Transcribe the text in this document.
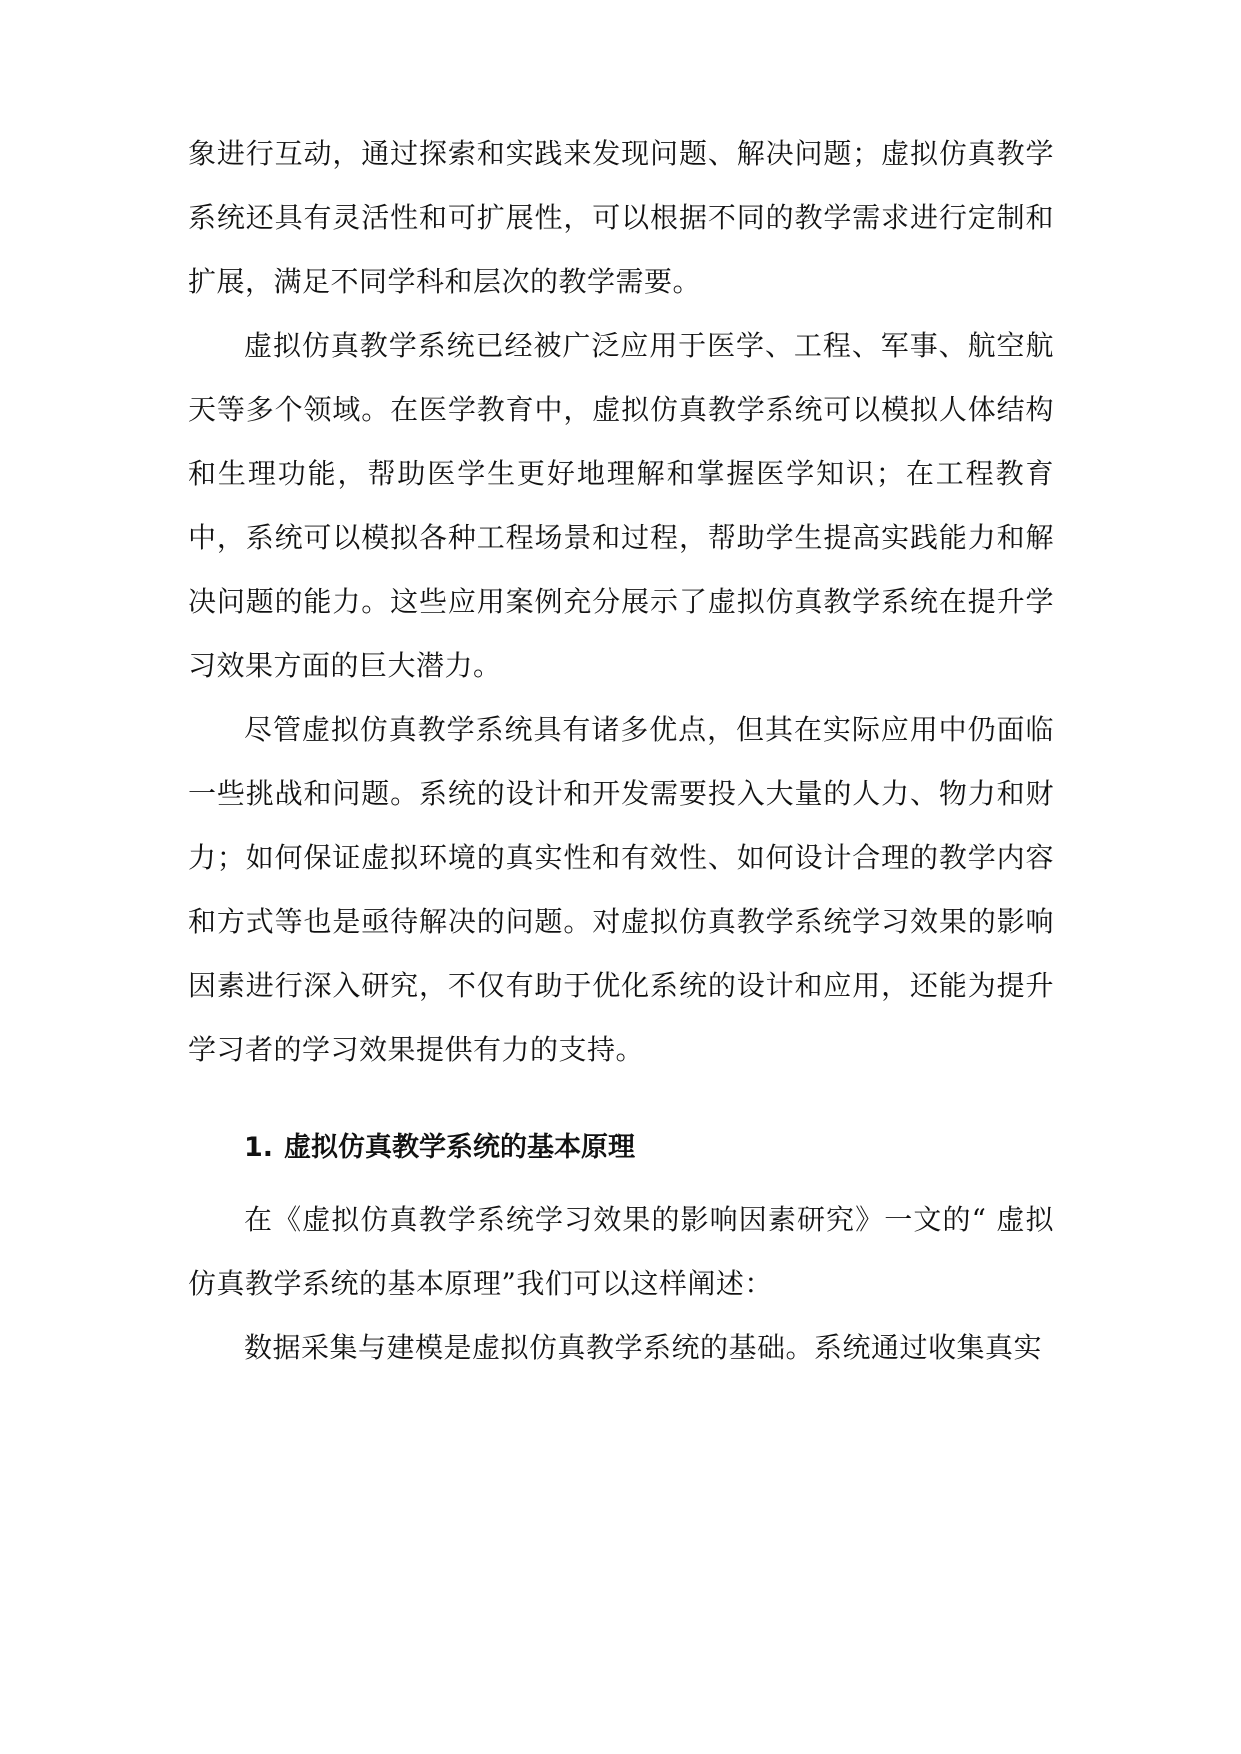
象进行互动，通过探索和实践来发现问题、解决问题；虚拟仿真教学系统还具有灵活性和可扩展性，可以根据不同的教学需求进行定制和扩展，满足不同学科和层次的教学需要。

虚拟仿真教学系统已经被广泛应用于医学、工程、军事、航空航天等多个领域。在医学教育中，虚拟仿真教学系统可以模拟人体结构和生理功能，帮助医学生更好地理解和掌握医学知识；在工程教育中，系统可以模拟各种工程场景和过程，帮助学生提高实践能力和解决问题的能力。这些应用案例充分展示了虚拟仿真教学系统在提升学习效果方面的巨大潜力。

尽管虚拟仿真教学系统具有诸多优点，但其在实际应用中仍面临一些挑战和问题。系统的设计和开发需要投入大量的人力、物力和财力；如何保证虚拟环境的真实性和有效性、如何设计合理的教学内容和方式等也是亟待解决的问题。对虚拟仿真教学系统学习效果的影响因素进行深入研究，不仅有助于优化系统的设计和应用，还能为提升学习者的学习效果提供有力的支持。

1. 虚拟仿真教学系统的基本原理

在《虚拟仿真教学系统学习效果的影响因素研究》一文的“ 虚拟仿真教学系统的基本原理”我们可以这样阐述：

数据采集与建模是虚拟仿真教学系统的基础。系统通过收集真实
